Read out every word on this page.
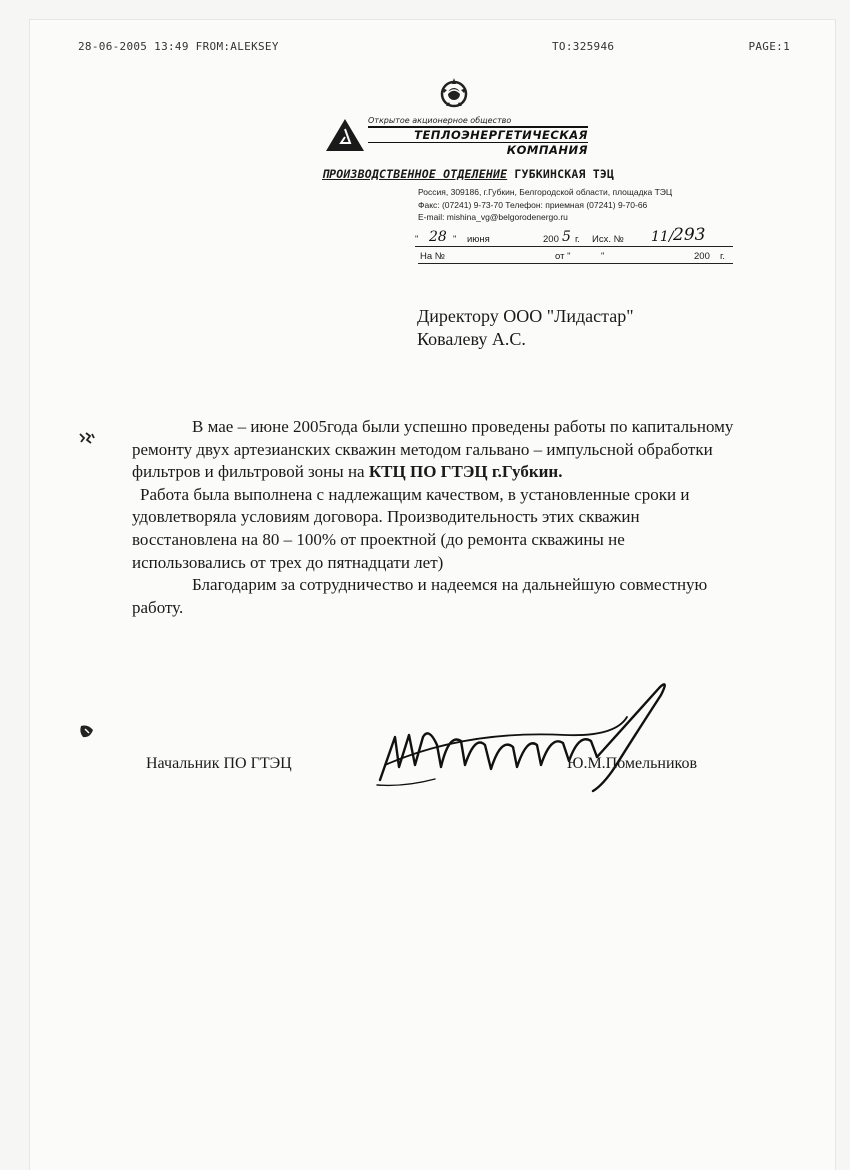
28-06-2005 13:49 FROM:ALEKSEY	TO:325946	PAGE:1
Открытое акционерное общество
ТЕПЛОЭНЕРГЕТИЧЕСКАЯ
КОМПАНИЯ
ПРОИЗВОДСТВЕННОЕ ОТДЕЛЕНИЕ ГУБКИНСКАЯ ТЭЦ
Россия, 309186, г.Губкин, Белгородской области, площадка ТЭЦ
Факс: (07241) 9-73-70 Телефон: приемная (07241) 9-70-66
E-mail: mishina_vg@belgorodenergo.ru
" 28 " июня	200 5 г. Исх. № 11/ 293
На №	от "	"	200 г.
Директору ООО "Лидастар"
Ковалеву А.С.

В мае – июне 2005года были успешно проведены работы по капитальному ремонту двух артезианских скважин методом гальвано – импульсной обработки фильтров и фильтровой зоны на КТЦ ПО ГТЭЦ г.Губкин.

Работа была выполнена с надлежащим качеством, в установленные сроки и удовлетворяла условиям договора. Производительность этих скважин восстановлена на 80 – 100% от проектной (до ремонта скважины не использовались от трех до пятнадцати лет)

Благодарим за сотрудничество и надеемся на дальнейшую совместную работу.

Начальник ПО ГТЭЦ	Ю.М.Помельников
